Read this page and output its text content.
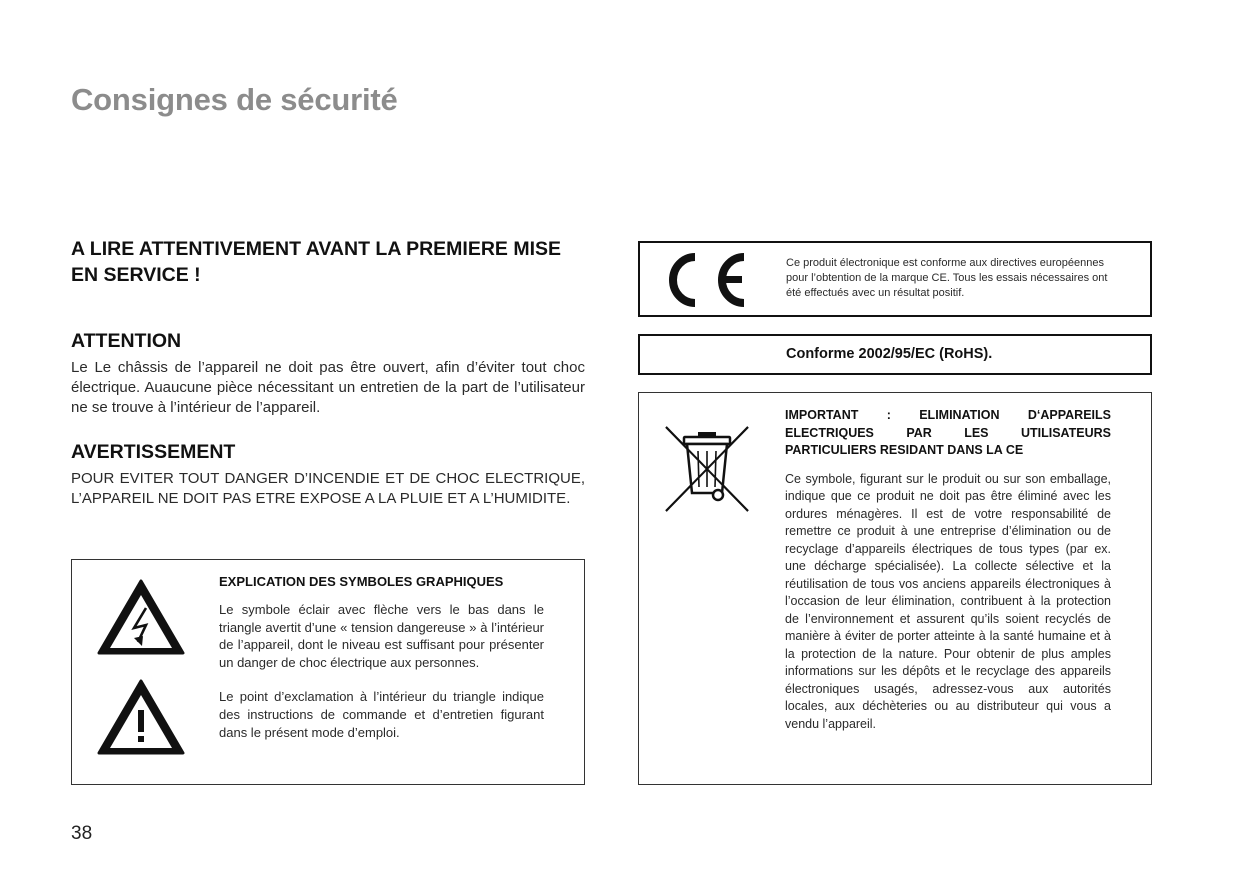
Consignes de sécurité
A LIRE ATTENTIVEMENT AVANT LA PREMIERE MISE EN SERVICE !
ATTENTION
Le Le châssis de l’appareil ne doit pas être ouvert, afin d’éviter tout choc électrique. Auaucune pièce nécessitant un entretien de la part de l’utilisateur ne se trouve à l’intérieur de l’appareil.
AVERTISSEMENT
POUR EVITER TOUT DANGER D’INCENDIE ET DE CHOC ELECTRIQUE, L’APPAREIL NE DOIT PAS ETRE EXPOSE A LA PLUIE ET A L’HUMIDITE.
EXPLICATION DES SYMBOLES GRAPHIQUES
Le symbole éclair avec flèche vers le bas dans le triangle avertit d’une « tension dangereuse » à l’intérieur de l’appareil, dont le niveau est suffisant pour présenter un danger de choc électrique aux personnes.
Le point d’exclamation à l’intérieur du triangle indique des instructions de commande et d’entretien figurant dans le présent mode d’emploi.
Ce produit électronique est conforme aux directives européennes pour l’obtention de la marque CE. Tous les essais nécessaires ont été effectués avec un résultat positif.
Conforme 2002/95/EC (RoHS).
IMPORTANT : ELIMINATION D‘APPAREILS ELECTRIQUES PAR LES UTILISATEURS PARTICULIERS RESIDANT DANS LA CE
Ce symbole, figurant sur le produit ou sur son emballage, indique que ce produit ne doit pas être éliminé avec les ordures ménagères. Il est de votre responsabilité de remettre ce produit à une entreprise d’élimination ou de recyclage d’appareils électriques de tous types (par ex. une décharge spécialisée). La collecte sélective et la réutilisation de tous vos anciens appareils électroniques à l’occasion de leur élimination, contribuent à la protection de l’environnement et assurent qu’ils soient recyclés de manière à éviter de porter atteinte à la santé humaine et à la protection de la nature. Pour obtenir de plus amples informations sur les dépôts et le recyclage des appareils électroniques usagés, adressez-vous aux autorités locales, aux déchèteries ou au distributeur qui vous a vendu l’appareil.
38
